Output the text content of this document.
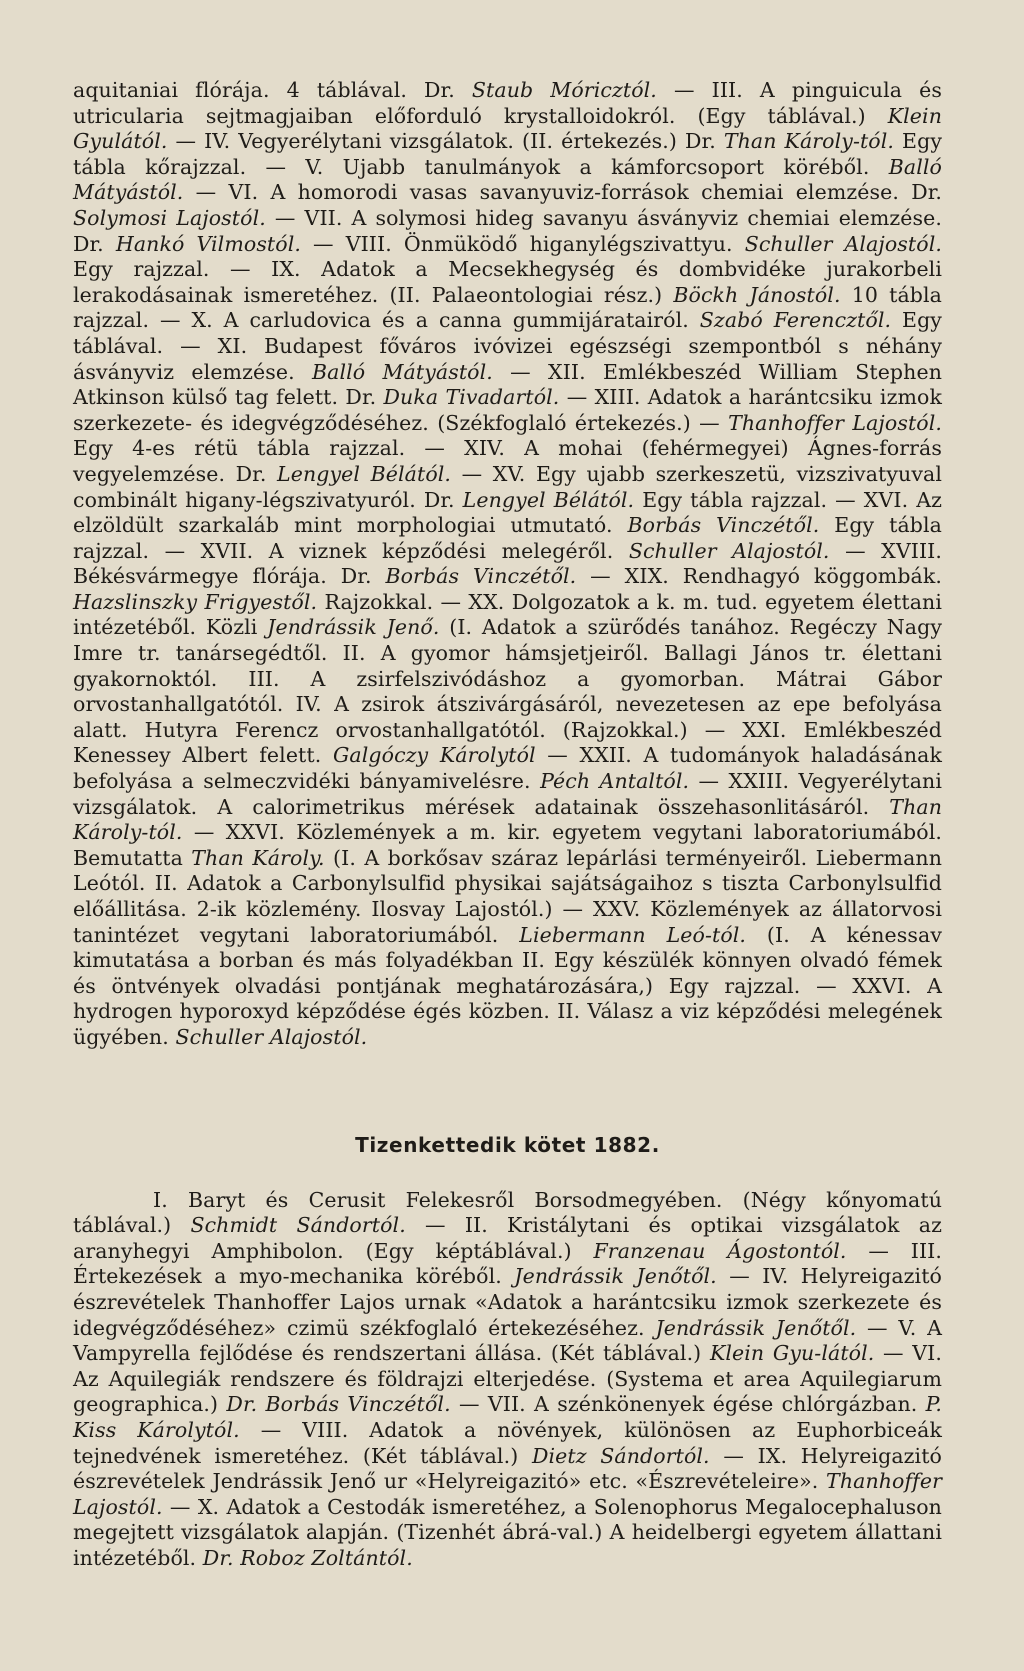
aquitaniai flórája. 4 táblával. Dr. Staub Móricztól. — III. A pinguicula és utricularia sejtmagjaiban előforduló krystalloidokról. (Egy táblával.) Klein Gyulától. — IV. Vegyerélytani vizsgálatok. (II. értekezés.) Dr. Than Károly-tól. Egy tábla kőrajzzal. — V. Ujabb tanulmányok a kámforcsoport köréből. Balló Mátyástól. — VI. A homorodi vasas savanyuviz-források chemiai elemzése. Dr. Solymosi Lajostól. — VII. A solymosi hideg savanyu ásványviz chemiai elemzése. Dr. Hankó Vilmostól. — VIII. Önmüködő higanylégszivattyu. Schuller Alajostól. Egy rajzzal. — IX. Adatok a Mecsekhegység és dombvidéke jurakorbeli lerakodásainak ismeretéhez. (II. Palaeontologiai rész.) Böckh Jánostól. 10 tábla rajzzal. — X. A carludovica és a canna gummijáratairól. Szabó Ferencztől. Egy táblával. — XI. Budapest főváros ivóvizei egészségi szempontból s néhány ásványviz elemzése. Balló Mátyástól. — XII. Emlékbeszéd William Stephen Atkinson külső tag felett. Dr. Duka Tivadartól. — XIII. Adatok a harántcsiku izmok szerkezete- és idegvégződéséhez. (Székfoglaló értekezés.) — Thanhoffer Lajostól. Egy 4-es rétü tábla rajzzal. — XIV. A mohai (fehérmegyei) Ágnes-forrás vegyelemzése. Dr. Lengyel Bélától. — XV. Egy ujabb szerkeszetü, vizszivatyuval combinált higany-légszivatyuról. Dr. Lengyel Bélától. Egy tábla rajzzal. — XVI. Az elzöldült szarkaláb mint morphologiai utmutató. Borbás Vinczétől. Egy tábla rajzzal. — XVII. A viznek képződési melegéről. Schuller Alajostól. — XVIII. Békésvármegye flórája. Dr. Borbás Vinczétől. — XIX. Rendhagyó köggombák. Hazslinszky Frigyestől. Rajzokkal. — XX. Dolgozatok a k. m. tud. egyetem élettani intézetéből. Közli Jendrássik Jenő. (I. Adatok a szürődés tanához. Regéczy Nagy Imre tr. tanársegédtől. II. A gyomor hámsjetjeiről. Ballagi János tr. élettani gyakornoktól. III. A zsirfelszivódáshoz a gyomorban. Mátrai Gábor orvostanhallgatótól. IV. A zsirok átszivárgásáról, nevezetesen az epe befolyása alatt. Hutyra Ferencz orvostanhallgatótól. (Rajzokkal.) — XXI. Emlékbeszéd Kenessey Albert felett. Galgóczy Károlytól — XXII. A tudományok haladásának befolyása a selmeczvidéki bányamivelésre. Péch Antaltól. — XXIII. Vegyerélytani vizsgálatok. A calorimetrikus mérések adatainak összehasonlitásáról. Than Károly-tól. — XXVI. Közlemények a m. kir. egyetem vegytani laboratoriumából. Bemutatta Than Károly. (I. A borkősav száraz lepárlási terményeiről. Liebermann Leótól. II. Adatok a Carbonylsulfid physikai sajátságaihoz s tiszta Carbonylsulfid előállitása. 2-ik közlemény. Ilosvay Lajostól.) — XXV. Közlemények az állatorvosi tanintézet vegytani laboratoriumából. Liebermann Leó-tól. (I. A kénessav kimutatása a borban és más folyadékban II. Egy készülék könnyen olvadó fémek és öntvények olvadási pontjának meghatározására,) Egy rajzzal. — XXVI. A hydrogen hyporoxyd képződése égés közben. II. Válasz a viz képződési melegének ügyében. Schuller Alajostól.

Tizenkettedik kötet 1882.

I. Baryt és Cerusit Felekesről Borsodmegyében. (Négy kőnyomatú táblával.) Schmidt Sándortól. — II. Kristálytani és optikai vizsgálatok az aranyhegyi Amphibolon. (Egy képtáblával.) Franzenau Ágostontól. — III. Értekezések a myo-mechanika köréből. Jendrássik Jenőtől. — IV. Helyreigazitó észrevételek Thanhoffer Lajos urnak «Adatok a harántcsiku izmok szerkezete és idegvégződéséhez» czimü székfoglaló értekezéséhez. Jendrássik Jenőtől. — V. A Vampyrella fejlődése és rendszertani állása. (Két táblával.) Klein Gyu-lától. — VI. Az Aquilegiák rendszere és földrajzi elterjedése. (Systema et area Aquilegiarum geographica.) Dr. Borbás Vinczétől. — VII. A szénkönenyek égése chlórgázban. P. Kiss Károlytól. — VIII. Adatok a növények, különösen az Euphorbiceák tejnedvének ismeretéhez. (Két táblával.) Dietz Sándortól. — IX. Helyreigazitó észrevételek Jendrássik Jenő ur «Helyreigazitó» etc. «Észrevételeire». Thanhoffer Lajostól. — X. Adatok a Cestodák ismeretéhez, a Solenophorus Megalocephaluson megejtett vizsgálatok alapján. (Tizenhét ábrá-val.) A heidelbergi egyetem állattani intézetéből. Dr. Roboz Zoltántól.
